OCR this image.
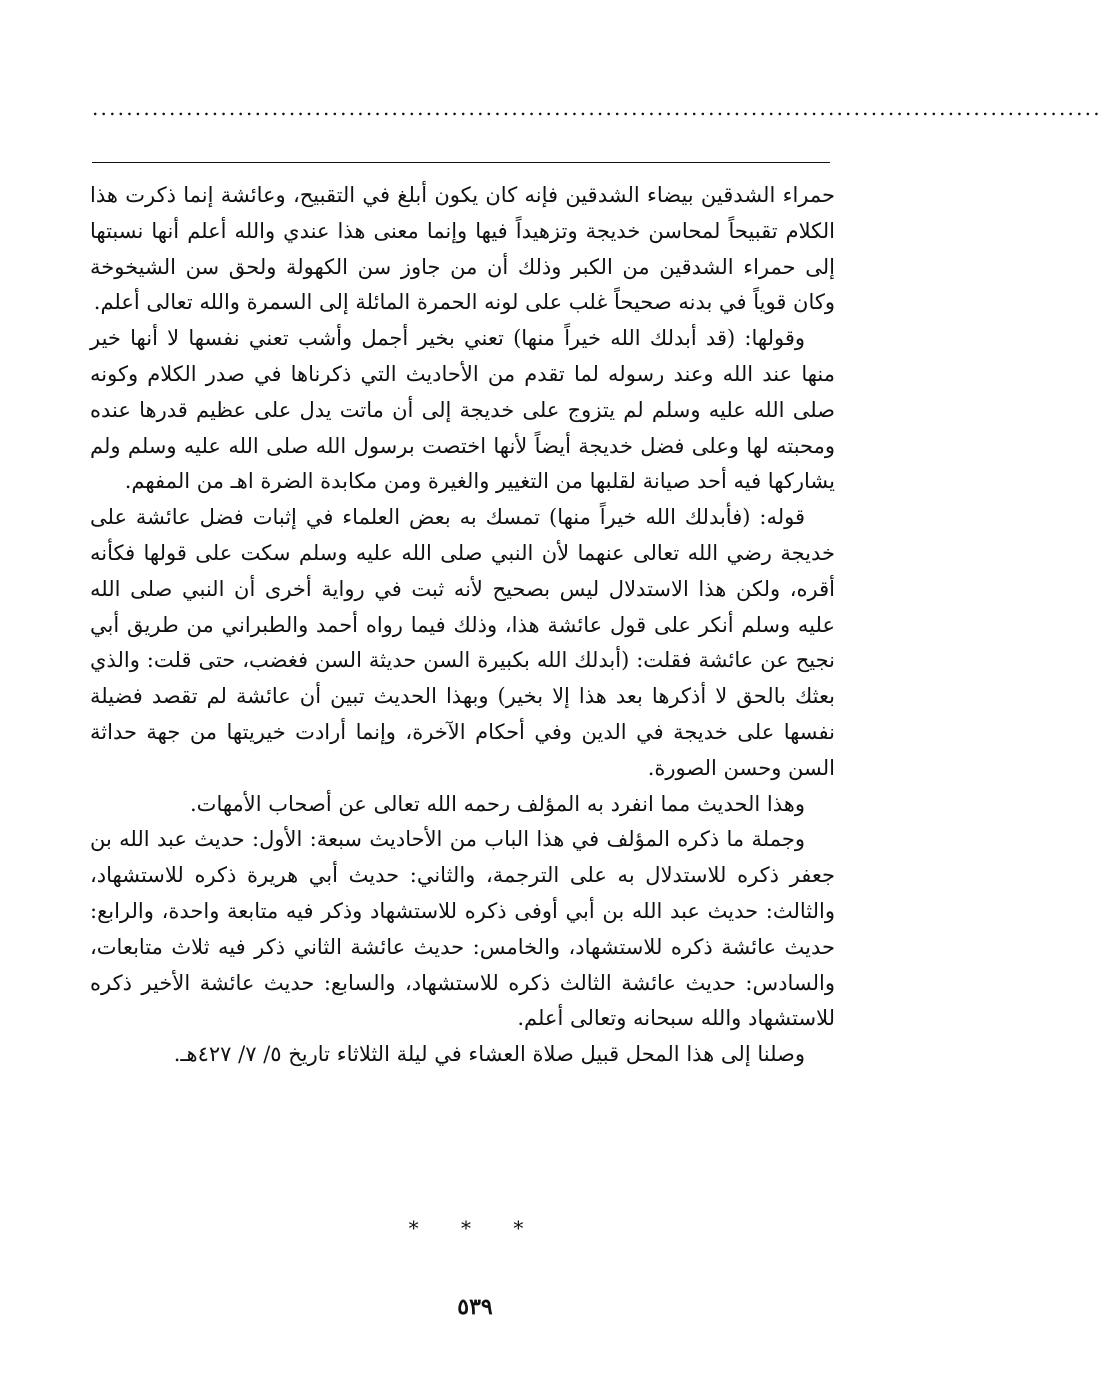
......................................................................................................................

حمراء الشدقين بيضاء الشدقين فإنه كان يكون أبلغ في التقبيح، وعائشة إنما ذكرت هذا الكلام تقبيحاً لمحاسن خديجة وتزهيداً فيها وإنما معنى هذا عندي والله أعلم أنها نسبتها إلى حمراء الشدقين من الكبر وذلك أن من جاوز سن الكهولة ولحق سن الشيخوخة وكان قوياً في بدنه صحيحاً غلب على لونه الحمرة المائلة إلى السمرة والله تعالى أعلم.

وقولها: (قد أبدلك الله خيراً منها) تعني بخير أجمل وأشب تعني نفسها لا أنها خير منها عند الله وعند رسوله لما تقدم من الأحاديث التي ذكرناها في صدر الكلام وكونه صلى الله عليه وسلم لم يتزوج على خديجة إلى أن ماتت يدل على عظيم قدرها عنده ومحبته لها وعلى فضل خديجة أيضاً لأنها اختصت برسول الله صلى الله عليه وسلم ولم يشاركها فيه أحد صيانة لقلبها من التغيير والغيرة ومن مكابدة الضرة اهـ من المفهم.

قوله: (فأبدلك الله خيراً منها) تمسك به بعض العلماء في إثبات فضل عائشة على خديجة رضي الله تعالى عنهما لأن النبي صلى الله عليه وسلم سكت على قولها فكأنه أقره، ولكن هذا الاستدلال ليس بصحيح لأنه ثبت في رواية أخرى أن النبي صلى الله عليه وسلم أنكر على قول عائشة هذا، وذلك فيما رواه أحمد والطبراني من طريق أبي نجيح عن عائشة فقلت: (أبدلك الله بكبيرة السن حديثة السن فغضب، حتى قلت: والذي بعثك بالحق لا أذكرها بعد هذا إلا بخير) وبهذا الحديث تبين أن عائشة لم تقصد فضيلة نفسها على خديجة في الدين وفي أحكام الآخرة، وإنما أرادت خيريتها من جهة حداثة السن وحسن الصورة.

وهذا الحديث مما انفرد به المؤلف رحمه الله تعالى عن أصحاب الأمهات.

وجملة ما ذكره المؤلف في هذا الباب من الأحاديث سبعة: الأول: حديث عبد الله بن جعفر ذكره للاستدلال به على الترجمة، والثاني: حديث أبي هريرة ذكره للاستشهاد، والثالث: حديث عبد الله بن أبي أوفى ذكره للاستشهاد وذكر فيه متابعة واحدة، والرابع: حديث عائشة ذكره للاستشهاد، والخامس: حديث عائشة الثاني ذكر فيه ثلاث متابعات، والسادس: حديث عائشة الثالث ذكره للاستشهاد، والسابع: حديث عائشة الأخير ذكره للاستشهاد والله سبحانه وتعالى أعلم.

وصلنا إلى هذا المحل قبيل صلاة العشاء في ليلة الثلاثاء تاريخ ٥/ ٧/ ٤٢٧هـ.

* * *
٥٣٩
